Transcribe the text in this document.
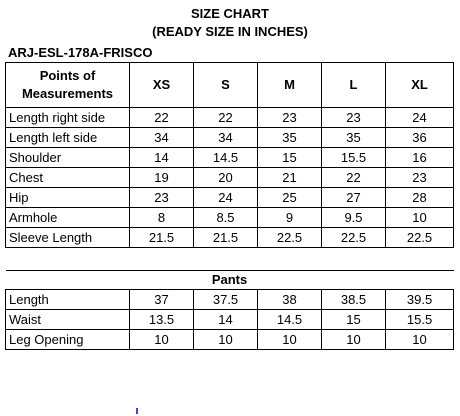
SIZE CHART
(READY SIZE IN INCHES)
ARJ-ESL-178A-FRISCO
Points of Measurements	XS	S	M	L	XL
Length right side	22	22	23	23	24
Length left side	34	34	35	35	36
Shoulder	14	14.5	15	15.5	16
Chest	19	20	21	22	23
Hip	23	24	25	27	28
Armhole	8	8.5	9	9.5	10
Sleeve Length	21.5	21.5	22.5	22.5	22.5
Pants					
Length	37	37.5	38	38.5	39.5
Waist	13.5	14	14.5	15	15.5
Leg Opening	10	10	10	10	10
